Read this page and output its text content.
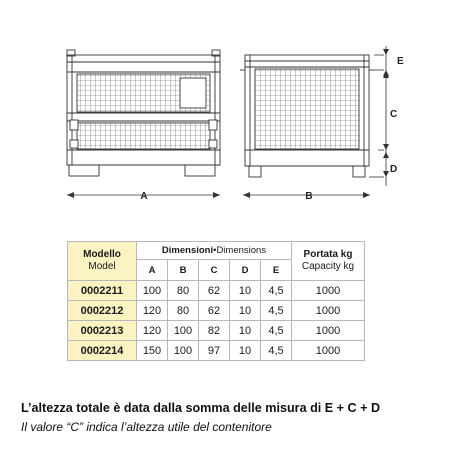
A	B
E
C
D
Modello
Model	Dimensioni•Dimensions					Portata kg
Capacity kg
	A	B	C	D	E	
0002211	100	80	62	10	4,5	1000
0002212	120	80	62	10	4,5	1000
0002213	120	100	82	10	4,5	1000
0002214	150	100	97	10	4,5	1000
L’altezza totale è data dalla somma delle misura di E + C + D
Il valore “C” indica l’altezza utile del contenitore
